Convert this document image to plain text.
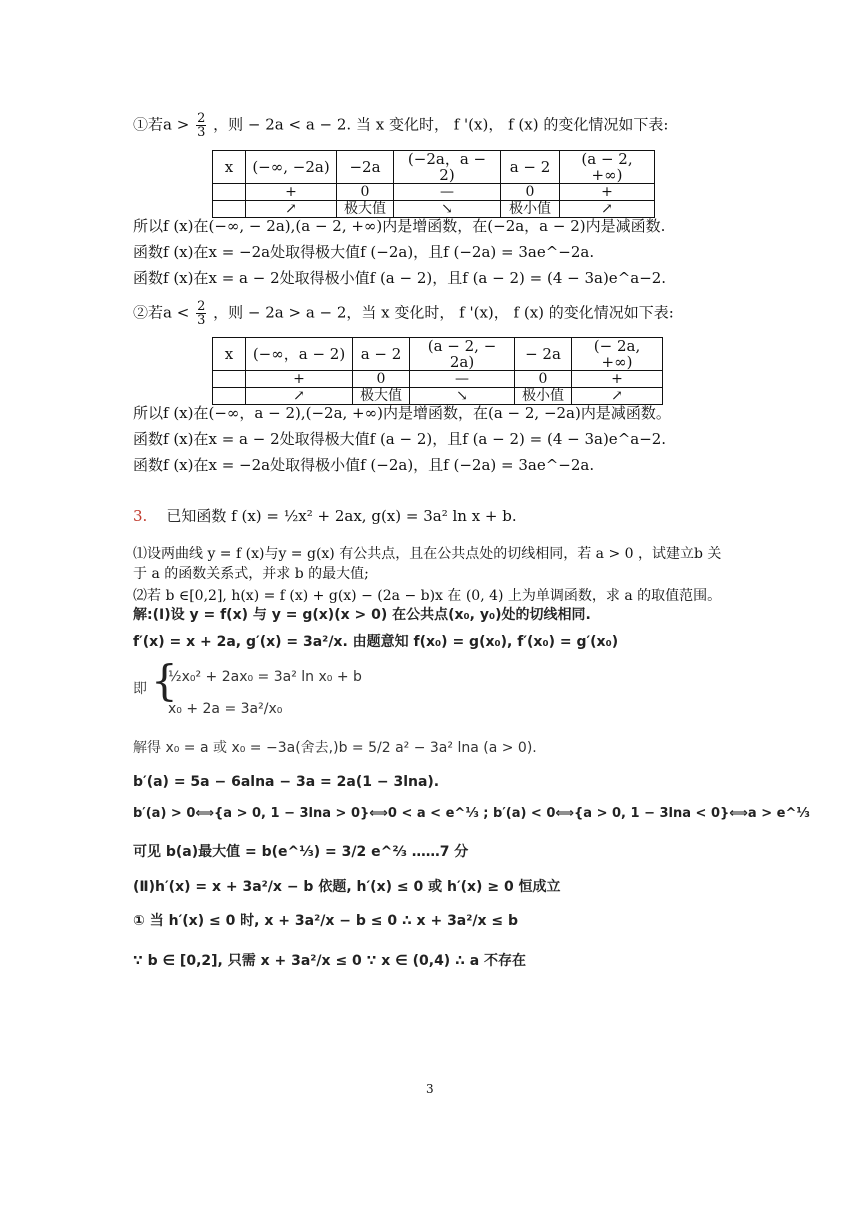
①若$a > \frac{2}{3}$ ，则 − 2a < a − 2. 当 x 变化时， f '(x)， f (x) 的变化情况如下表:
x	(−∞, −2a)	−2a	(−2a，a − 2)	a − 2	(a − 2, +∞)
	+	0	—	0	+
	↗	极大值	↘	极小值	↗
所以f (x)在(−∞, − 2a),(a − 2, +∞)内是增函数，在(−2a，a − 2)内是减函数.
函数f (x)在x = −2a处取得极大值f (−2a)，且f (−2a) = 3ae^−2a.
函数f (x)在x = a − 2处取得极小值f (a − 2)，且f (a − 2) = (4 − 3a)e^a−2.
②若$a < \frac{2}{3}$ ，则 − 2a > a − 2，当 x 变化时， f '(x)， f (x) 的变化情况如下表:
x	(−∞，a − 2)	a − 2	(a − 2, − 2a)	− 2a	(− 2a, +∞)
	+	0	—	0	+
	↗	极大值	↘	极小值	↗
所以f (x)在(−∞，a − 2),(−2a, +∞)内是增函数，在(a − 2, −2a)内是减函数。
函数f (x)在x = a − 2处取得极大值f (a − 2)，且f (a − 2) = (4 − 3a)e^a−2.
函数f (x)在x = −2a处取得极小值f (−2a)，且f (−2a) = 3ae^−2a.
3. 已知函数 f (x) = ½x² + 2ax, g(x) = 3a² ln x + b.
⑴设两曲线 y = f (x)与y = g(x) 有公共点，且在公共点处的切线相同，若 a > 0 ，试建立b 关
于 a 的函数关系式，并求 b 的最大值;
⑵若 b ∈[0,2], h(x) = f (x) + g(x) − (2a − b)x 在 (0, 4) 上为单调函数，求 a 的取值范围。
解:(Ⅰ)设 y = f(x) 与 y = g(x)(x > 0) 在公共点(x₀, y₀)处的切线相同.
f′(x) = x + 2a, g′(x) = 3a²/x. 由题意知 f(x₀) = g(x₀), f′(x₀) = g′(x₀)
{
即
½x₀² + 2ax₀ = 3a² ln x₀ + b
x₀ + 2a = 3a²/x₀
解得 x₀ = a 或 x₀ = −3a(舍去,)b = 5/2 a² − 3a² lna (a > 0).
b′(a) = 5a − 6alna − 3a = 2a(1 − 3lna).
b′(a) > 0⟺{a > 0, 1 − 3lna > 0}⟺0 < a < e^⅓ ; b′(a) < 0⟺{a > 0, 1 − 3lna < 0}⟺a > e^⅓
可见 b(a)最大值 = b(e^⅓) = 3/2 e^⅔ ……7 分
(Ⅱ)h′(x) = x + 3a²/x − b 依题, h′(x) ≤ 0 或 h′(x) ≥ 0 恒成立
① 当 h′(x) ≤ 0 时, x + 3a²/x − b ≤ 0 ∴ x + 3a²/x ≤ b
∵ b ∈ [0,2], 只需 x + 3a²/x ≤ 0 ∵ x ∈ (0,4) ∴ a 不存在
3
